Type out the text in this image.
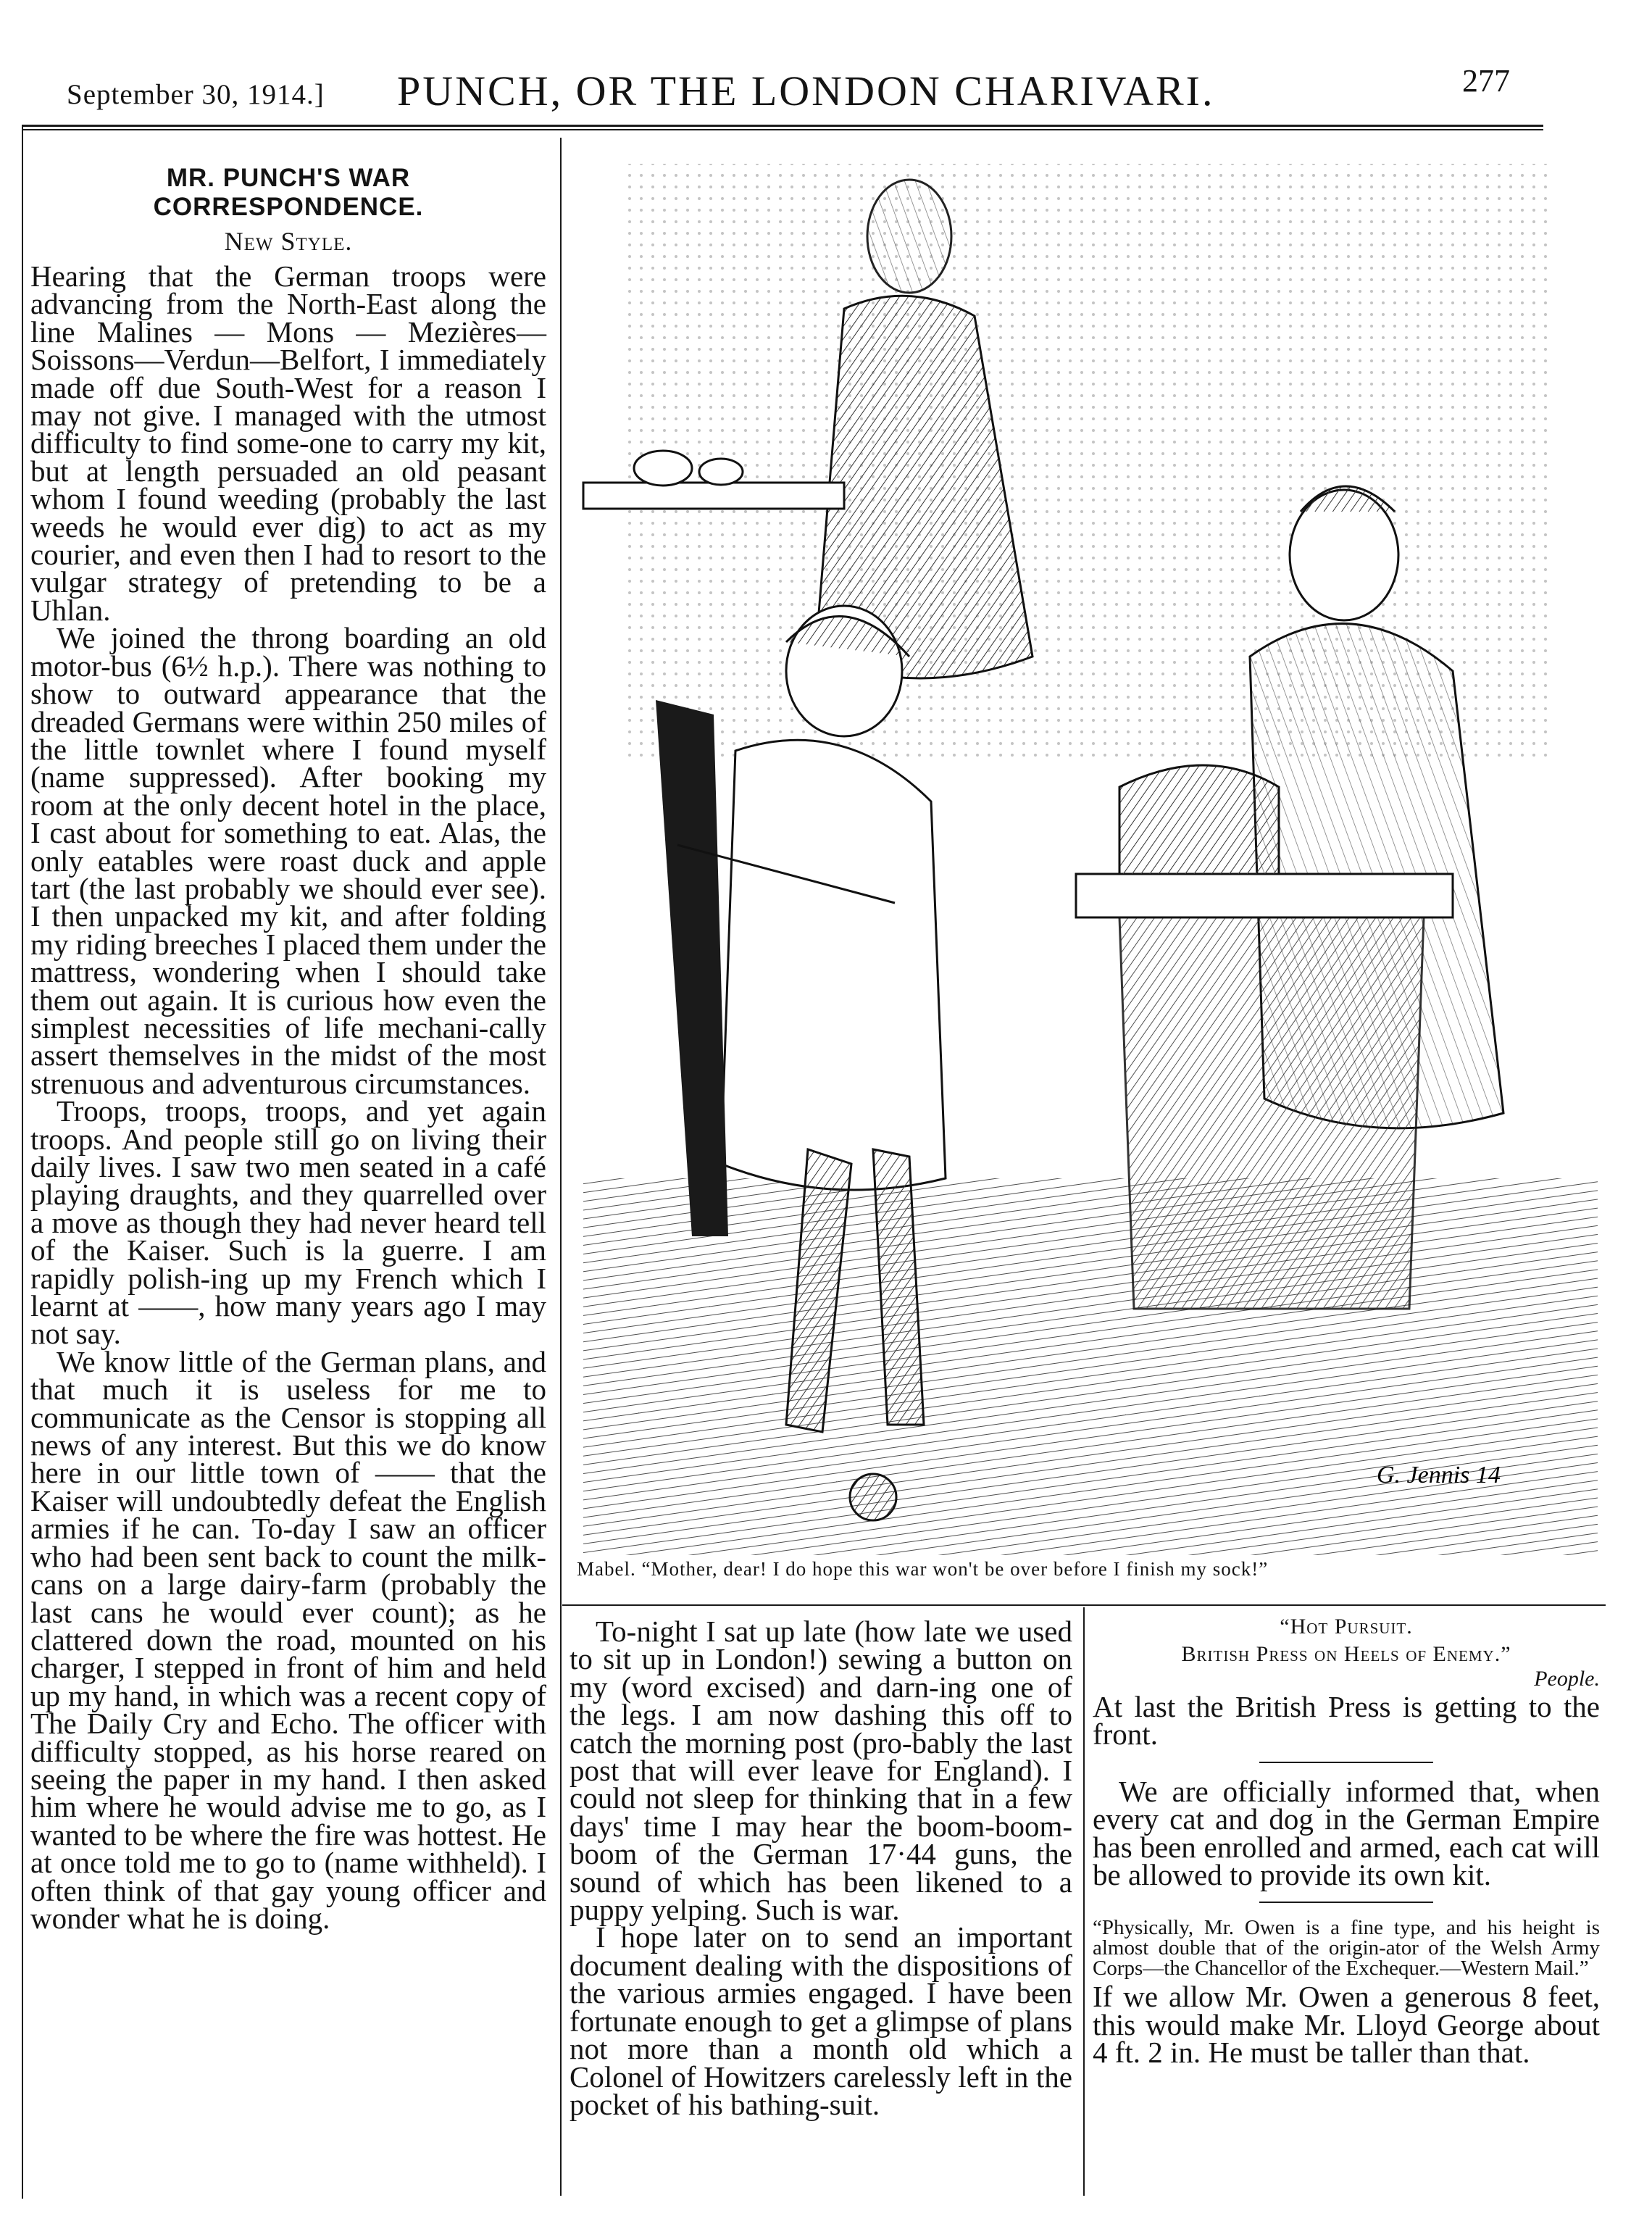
September 30, 1914.] PUNCH, OR THE LONDON CHARIVARI.	277
MR. PUNCH'S WAR CORRESPONDENCE.
New Style.

Hearing that the German troops were advancing from the North-East along the line Malines — Mons — Mezières—Soissons—Verdun—Belfort, I immediately made off due South-West for a reason I may not give. I managed with the utmost difficulty to find some-one to carry my kit, but at length persuaded an old peasant whom I found weeding (probably the last weeds he would ever dig) to act as my courier, and even then I had to resort to the vulgar strategy of pretending to be a Uhlan.

We joined the throng boarding an old motor-bus (6½ h.p.). There was nothing to show to outward appearance that the dreaded Germans were within 250 miles of the little townlet where I found myself (name suppressed). After booking my room at the only decent hotel in the place, I cast about for something to eat. Alas, the only eatables were roast duck and apple tart (the last probably we should ever see). I then unpacked my kit, and after folding my riding breeches I placed them under the mattress, wondering when I should take them out again. It is curious how even the simplest necessities of life mechani-cally assert themselves in the midst of the most strenuous and adventurous circumstances.

Troops, troops, troops, and yet again troops. And people still go on living their daily lives. I saw two men seated in a café playing draughts, and they quarrelled over a move as though they had never heard tell of the Kaiser. Such is la guerre. I am rapidly polish-ing up my French which I learnt at ——, how many years ago I may not say.

We know little of the German plans, and that much it is useless for me to communicate as the Censor is stopping all news of any interest. But this we do know here in our little town of —— that the Kaiser will undoubtedly defeat the English armies if he can. To-day I saw an officer who had been sent back to count the milk-cans on a large dairy-farm (probably the last cans he would ever count); as he clattered down the road, mounted on his charger, I stepped in front of him and held up my hand, in which was a recent copy of The Daily Cry and Echo. The officer with difficulty stopped, as his horse reared on seeing the paper in my hand. I then asked him where he would advise me to go, as I wanted to be where the fire was hottest. He at once told me to go to (name withheld). I often think of that gay young officer and wonder what he is doing.

G. Jennis 14
Mabel. “Mother, dear! I do hope this war won't be over before I finish my sock!”

To-night I sat up late (how late we used to sit up in London!) sewing a button on my (word excised) and darn-ing one of the legs. I am now dashing this off to catch the morning post (pro-bably the last post that will ever leave for England). I could not sleep for thinking that in a few days' time I may hear the boom-boom-boom of the German 17·44 guns, the sound of which has been likened to a puppy yelping. Such is war.

I hope later on to send an important document dealing with the dispositions of the various armies engaged. I have been fortunate enough to get a glimpse of plans not more than a month old which a Colonel of Howitzers carelessly left in the pocket of his bathing-suit.

“Hot Pursuit.
British Press on Heels of Enemy.”
People.
At last the British Press is getting to the front.
We are officially informed that, when every cat and dog in the German Empire has been enrolled and armed, each cat will be allowed to provide its own kit.
“Physically, Mr. Owen is a fine type, and his height is almost double that of the origin-ator of the Welsh Army Corps—the Chancellor of the Exchequer.—Western Mail.”
If we allow Mr. Owen a generous 8 feet, this would make Mr. Lloyd George about 4 ft. 2 in. He must be taller than that.
